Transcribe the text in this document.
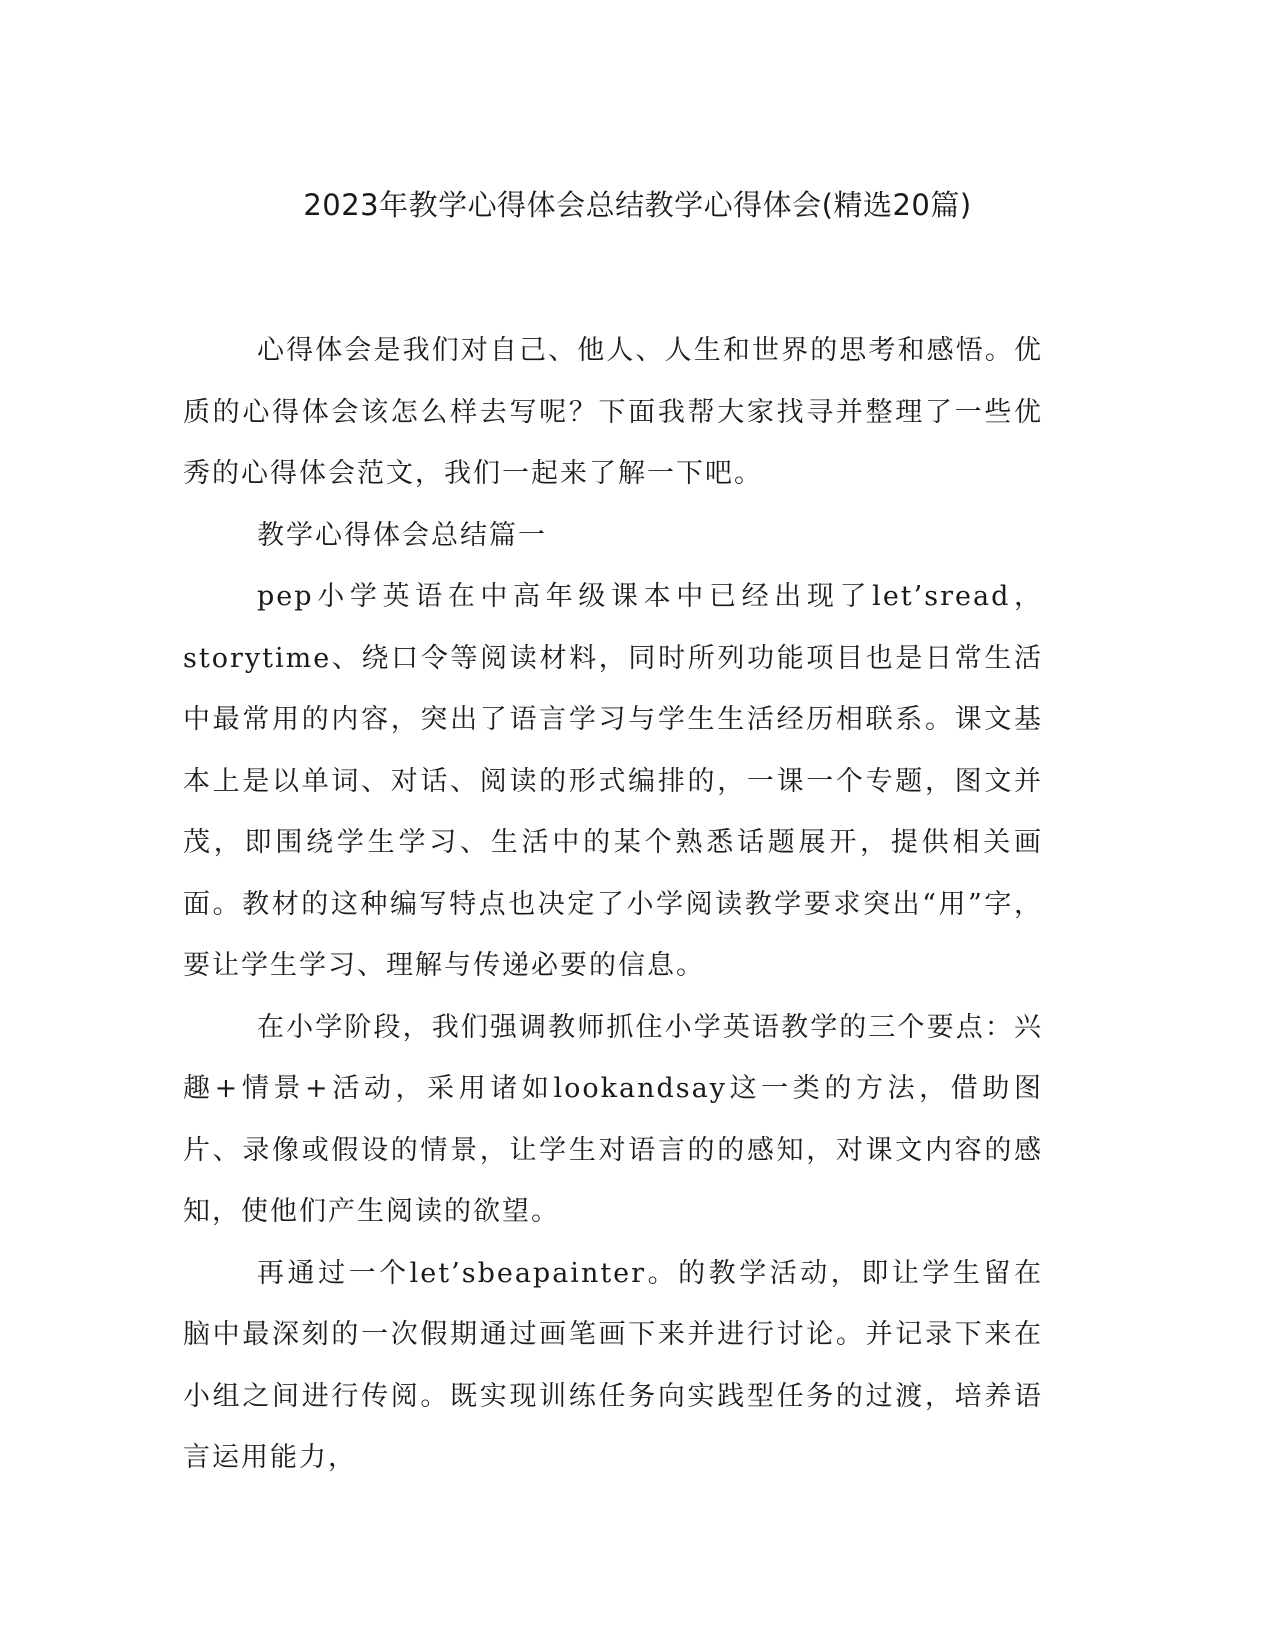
2023年教学心得体会总结教学心得体会(精选20篇)

心得体会是我们对自己、他人、人生和世界的思考和感悟。优质的心得体会该怎么样去写呢？下面我帮大家找寻并整理了一些优秀的心得体会范文，我们一起来了解一下吧。

教学心得体会总结篇一

pep小学英语在中高年级课本中已经出现了let’sread，storytime、绕口令等阅读材料，同时所列功能项目也是日常生活中最常用的内容，突出了语言学习与学生生活经历相联系。课文基本上是以单词、对话、阅读的形式编排的，一课一个专题，图文并茂，即围绕学生学习、生活中的某个熟悉话题展开，提供相关画面。教材的这种编写特点也决定了小学阅读教学要求突出“用”字，要让学生学习、理解与传递必要的信息。

在小学阶段，我们强调教师抓住小学英语教学的三个要点：兴趣+情景+活动，采用诸如lookandsay这一类的方法，借助图片、录像或假设的情景，让学生对语言的的感知，对课文内容的感知，使他们产生阅读的欲望。

再通过一个let’sbeapainter。的教学活动，即让学生留在脑中最深刻的一次假期通过画笔画下来并进行讨论。并记录下来在小组之间进行传阅。既实现训练任务向实践型任务的过渡，培养语言运用能力，
